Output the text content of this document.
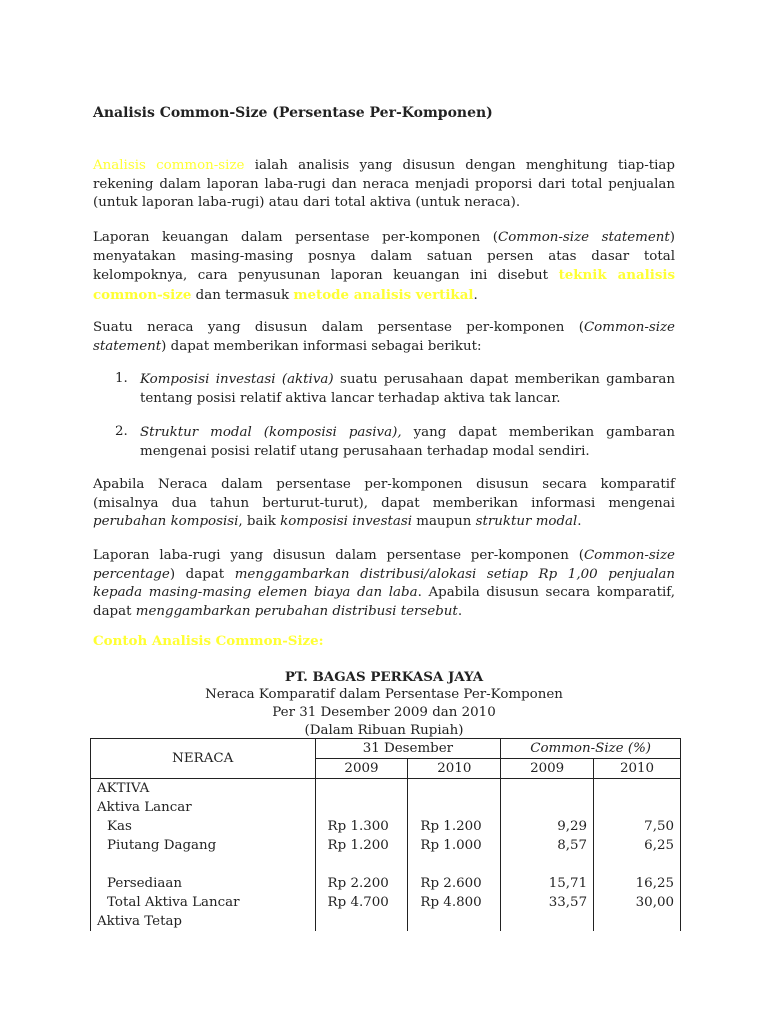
Analisis Common-Size (Persentase Per-Komponen)

Analisis common-size ialah analisis yang disusun dengan menghitung tiap-tiap rekening dalam laporan laba-rugi dan neraca menjadi proporsi dari total penjualan (untuk laporan laba-rugi) atau dari total aktiva (untuk neraca).

Laporan keuangan dalam persentase per-komponen (Common-size statement) menyatakan masing-masing posnya dalam satuan persen atas dasar total kelompoknya, cara penyusunan laporan keuangan ini disebut teknik analisis common-size dan termasuk metode analisis vertikal.

Suatu neraca yang disusun dalam persentase per-komponen (Common-size statement) dapat memberikan informasi sebagai berikut:

1. Komposisi investasi (aktiva) suatu perusahaan dapat memberikan gambaran tentang posisi relatif aktiva lancar terhadap aktiva tak lancar.

2. Struktur modal (komposisi pasiva), yang dapat memberikan gambaran mengenai posisi relatif utang perusahaan terhadap modal sendiri.

Apabila Neraca dalam persentase per-komponen disusun secara komparatif (misalnya dua tahun berturut-turut), dapat memberikan informasi mengenai perubahan komposisi, baik komposisi investasi maupun struktur modal.

Laporan laba-rugi yang disusun dalam persentase per-komponen (Common-size percentage) dapat menggambarkan distribusi/alokasi setiap Rp 1,00 penjualan kepada masing-masing elemen biaya dan laba. Apabila disusun secara komparatif, dapat menggambarkan perubahan distribusi tersebut.

Contoh Analisis Common-Size:
PT. BAGAS PERKASA JAYA
Neraca Komparatif dalam Persentase Per-Komponen
Per 31 Desember 2009 dan 2010
(Dalam Ribuan Rupiah)
NERACA	31 Desember		Common-Size (%)	
	2009	2010	2009	2010
AKTIVA				
Aktiva Lancar				
Kas	Rp 1.300	Rp 1.200	9,29	7,50
Piutang Dagang	Rp 1.200	Rp 1.000	8,57	6,25

Persediaan	Rp 2.200	Rp 2.600	15,71	16,25
Total Aktiva Lancar	Rp 4.700	Rp 4.800	33,57	30,00
Aktiva Tetap				
